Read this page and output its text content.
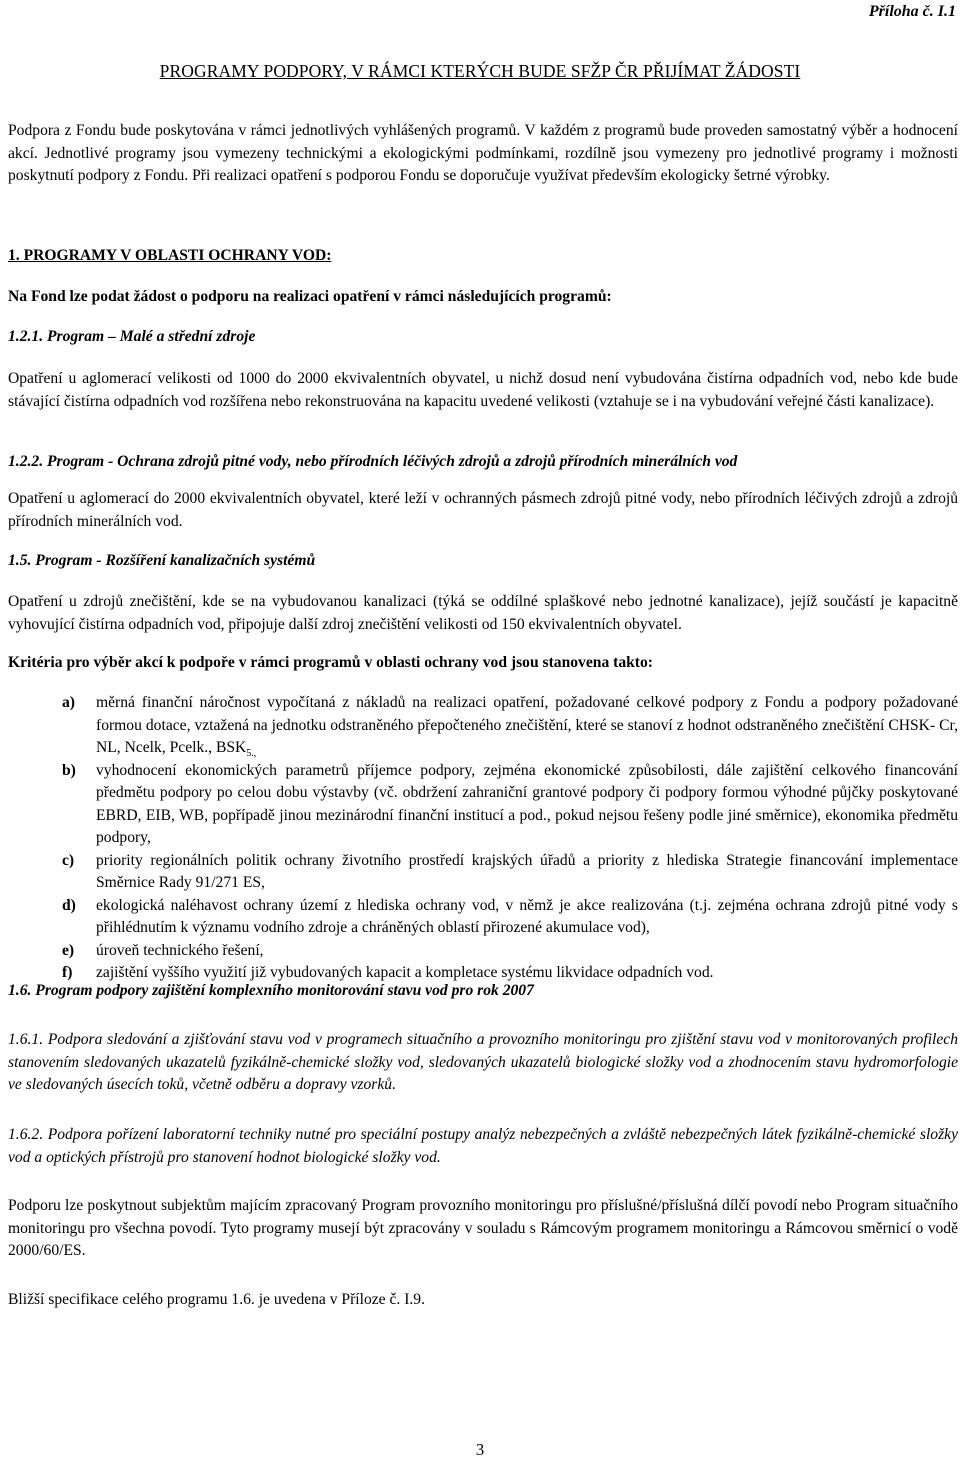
Příloha č. I.1
PROGRAMY PODPORY, V RÁMCI KTERÝCH BUDE SFŽP ČR PŘIJÍMAT ŽÁDOSTI
Podpora z Fondu bude poskytována v rámci jednotlivých vyhlášených programů. V každém z programů bude proveden samostatný výběr a hodnocení akcí. Jednotlivé programy jsou vymezeny technickými a ekologickými podmínkami, rozdílně jsou vymezeny pro jednotlivé programy i možnosti poskytnutí podpory z Fondu. Při realizaci opatření s podporou Fondu se doporučuje využívat především ekologicky šetrné výrobky.
1. PROGRAMY V OBLASTI OCHRANY VOD:
Na Fond lze podat žádost o podporu na realizaci opatření v rámci následujících programů:
1.2.1. Program – Malé a střední zdroje
Opatření u aglomerací velikosti od 1000 do 2000 ekvivalentních obyvatel, u nichž dosud není vybudována čistírna odpadních vod, nebo kde bude stávající čistírna odpadních vod rozšířena nebo rekonstruována na kapacitu uvedené velikosti (vztahuje se i na vybudování veřejné části kanalizace).
1.2.2. Program - Ochrana zdrojů pitné vody, nebo přírodních léčivých zdrojů a zdrojů přírodních minerálních vod
Opatření u aglomerací do 2000 ekvivalentních obyvatel, které leží v ochranných pásmech zdrojů pitné vody, nebo přírodních léčivých zdrojů a zdrojů přírodních minerálních vod.
1.5. Program - Rozšíření kanalizačních systémů
Opatření u zdrojů znečištění, kde se na vybudovanou kanalizaci (týká se oddílné splaškové nebo jednotné kanalizace), jejíž součástí je kapacitně vyhovující čistírna odpadních vod, připojuje další zdroj znečištění velikosti od 150 ekvivalentních obyvatel.
Kritéria pro výběr akcí k podpoře v rámci programů v oblasti ochrany vod jsou stanovena takto:
a) měrná finanční náročnost vypočítaná z nákladů na realizaci opatření, požadované celkové podpory z Fondu a podpory požadované formou dotace, vztažená na jednotku odstraněného přepočteného znečištění, které se stanoví z hodnot odstraněného znečištění CHSK- Cr, NL, Ncelk, Pcelk., $BSK_{5.,}$
b) vyhodnocení ekonomických parametrů příjemce podpory, zejména ekonomické způsobilosti, dále zajištění celkového financování předmětu podpory po celou dobu výstavby (vč. obdržení zahraniční grantové podpory či podpory formou výhodné půjčky poskytované EBRD, EIB, WB, popřípadě jinou mezinárodní finanční institucí a pod., pokud nejsou řešeny podle jiné směrnice), ekonomika předmětu podpory,
c) priority regionálních politik ochrany životního prostředí krajských úřadů a priority z hlediska Strategie financování implementace Směrnice Rady 91/271 ES,
d) ekologická naléhavost ochrany území z hlediska ochrany vod, v němž je akce realizována (t.j. zejména ochrana zdrojů pitné vody s přihlédnutím k významu vodního zdroje a chráněných oblastí přirozené akumulace vod),
e) úroveň technického řešení,
f) zajištění vyššího využití již vybudovaných kapacit a kompletace systému likvidace odpadních vod.
1.6. Program podpory zajištění komplexního monitorování stavu vod pro rok 2007
1.6.1. Podpora sledování a zjišťování stavu vod v programech situačního a provozního monitoringu pro zjištění stavu vod v monitorovaných profilech stanovením sledovaných ukazatelů fyzikálně-chemické složky vod, sledovaných ukazatelů biologické složky vod a zhodnocením stavu hydromorfologie ve sledovaných úsecích toků, včetně odběru a dopravy vzorků.
1.6.2. Podpora pořízení laboratorní techniky nutné pro speciální postupy analýz nebezpečných a zvláště nebezpečných látek fyzikálně-chemické složky vod a optických přístrojů pro stanovení hodnot biologické složky vod.
Podporu lze poskytnout subjektům majícím zpracovaný Program provozního monitoringu pro příslušné/příslušná dílčí povodí nebo Program situačního monitoringu pro všechna povodí. Tyto programy musejí být zpracovány v souladu s Rámcovým programem monitoringu a Rámcovou směrnicí o vodě 2000/60/ES.
Bližší specifikace celého programu 1.6. je uvedena v Příloze č. I.9.
3
